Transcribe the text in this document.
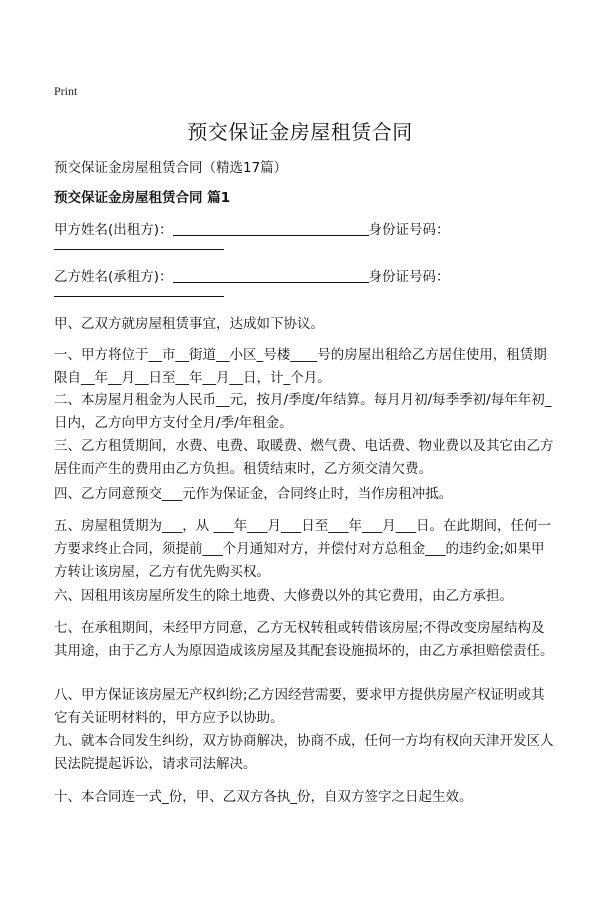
Print
预交保证金房屋租赁合同

预交保证金房屋租赁合同（精选17篇）

预交保证金房屋租赁合同 篇1

甲方姓名(出租方)：	身份证号码：
乙方姓名(承租方)：	身份证号码：

甲、乙双方就房屋租赁事宜，达成如下协议。

一、甲方将位于__市__街道__小区_号楼____号的房屋出租给乙方居住使用，租赁期限自__年__月__日至__年__月__日，计_个月。

二、本房屋月租金为人民币__元，按月/季度/年结算。每月月初/每季季初/每年年初_日内，乙方向甲方支付全月/季/年租金。

三、乙方租赁期间，水费、电费、取暖费、燃气费、电话费、物业费以及其它由乙方居住而产生的费用由乙方负担。租赁结束时，乙方须交清欠费。

四、乙方同意预交___元作为保证金，合同终止时，当作房租冲抵。

五、房屋租赁期为___，从 ___年___月___日至___年___月___日。在此期间，任何一方要求终止合同，须提前___个月通知对方，并偿付对方总租金___的违约金;如果甲方转让该房屋，乙方有优先购买权。

六、因租用该房屋所发生的除土地费、大修费以外的其它费用，由乙方承担。

七、在承租期间，未经甲方同意，乙方无权转租或转借该房屋;不得改变房屋结构及其用途，由于乙方人为原因造成该房屋及其配套设施损坏的，由乙方承担赔偿责任。

八、甲方保证该房屋无产权纠纷;乙方因经营需要，要求甲方提供房屋产权证明或其它有关证明材料的，甲方应予以协助。

九、就本合同发生纠纷，双方协商解决，协商不成，任何一方均有权向天津开发区人民法院提起诉讼，请求司法解决。

十、本合同连一式_份，甲、乙双方各执_份，自双方签字之日起生效。
